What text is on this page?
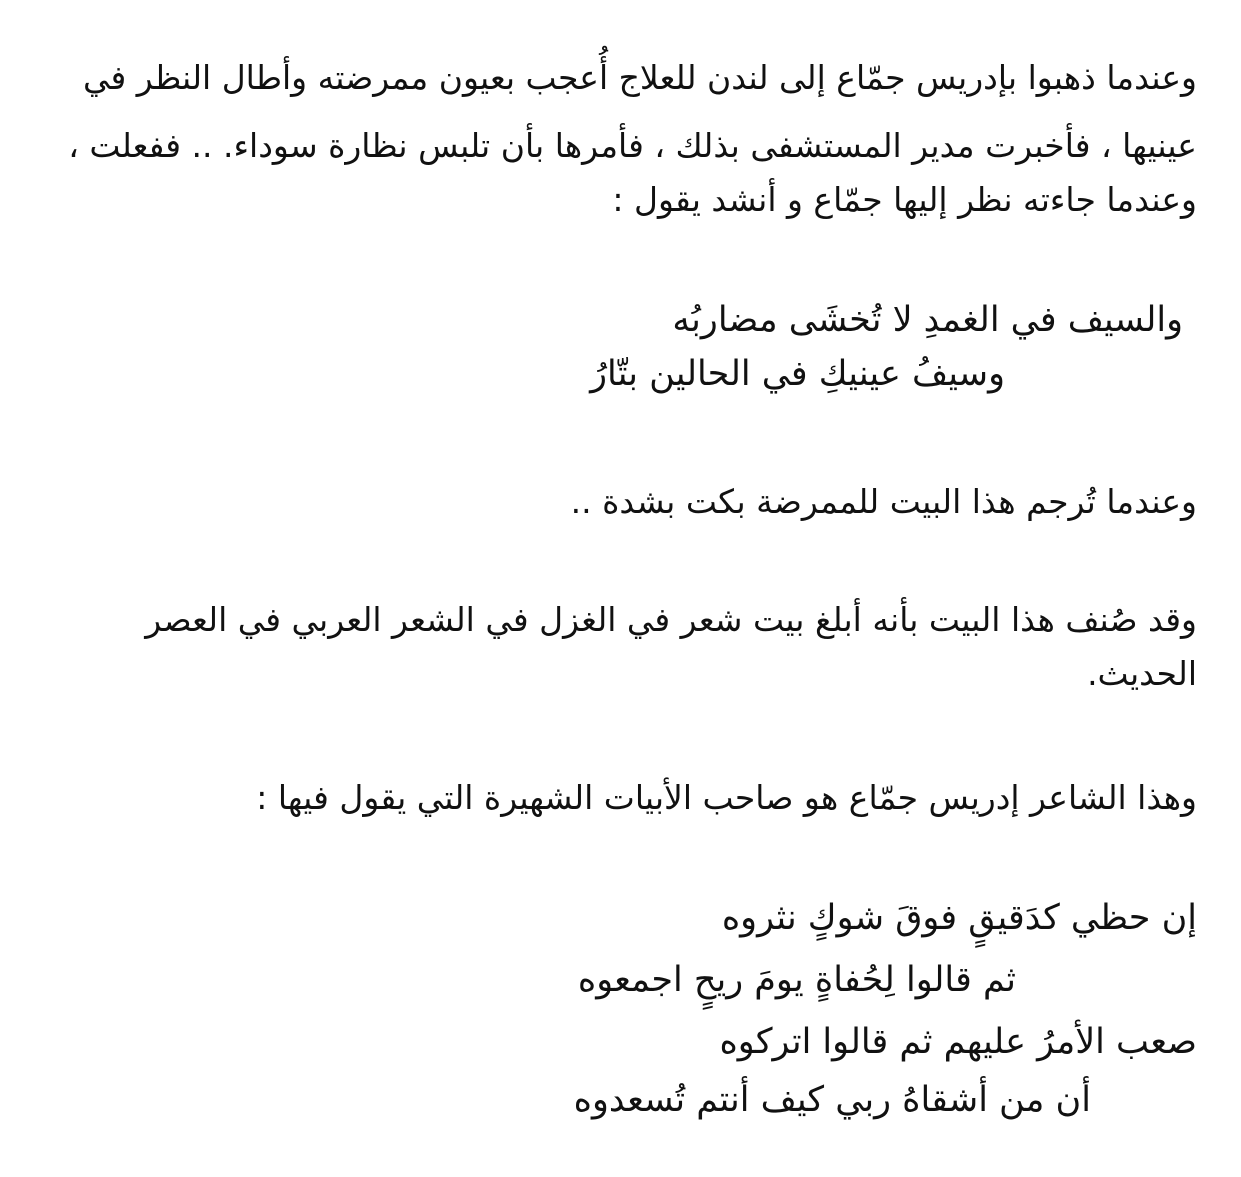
وعندما ذهبوا بإدريس جمّاع إلى لندن للعلاج أُعجب بعيون ممرضته وأطال النظر في
عينيها ، فأخبرت مدير المستشفى بذلك ، فأمرها بأن تلبس نظارة سوداء. .. ففعلت ،
وعندما جاءته نظر إليها جمّاع و أنشد يقول :
والسيف في الغمدِ لا تُخشَى مضاربُه
وسيفُ عينيكِ في الحالين بتّارُ
وعندما تُرجم هذا البيت للممرضة بكت بشدة ..
وقد صُنف هذا البيت بأنه أبلغ بيت شعر في الغزل في الشعر العربي في العصر
الحديث.
وهذا الشاعر إدريس جمّاع هو صاحب الأبيات الشهيرة التي يقول فيها :
إن حظي كدَقيقٍ فوقَ شوكٍ نثروه
ثم قالوا لِحُفاةٍ يومَ ريحٍ اجمعوه
صعب الأمرُ عليهم ثم قالوا اتركوه
أن من أشقاهُ ربي كيف أنتم تُسعدوه
